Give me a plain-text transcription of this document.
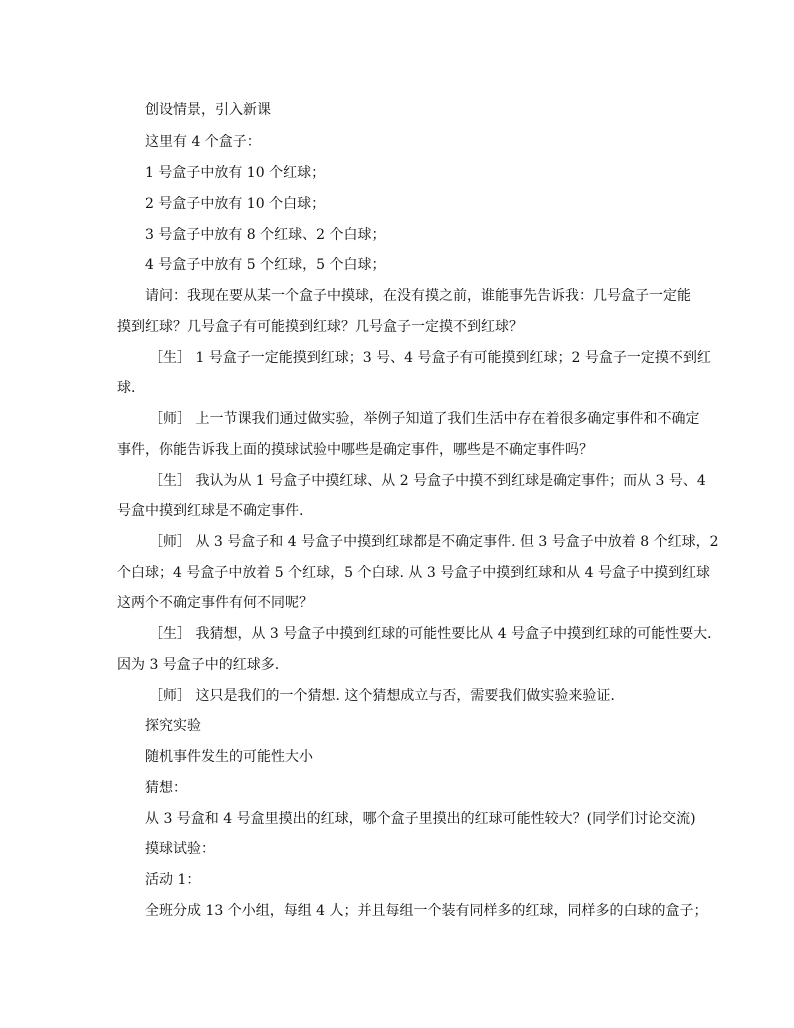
创设情景，引入新课
这里有 4 个盒子：
1 号盒子中放有 10 个红球；
2 号盒子中放有 10 个白球；
3 号盒子中放有 8 个红球、2 个白球；
4 号盒子中放有 5 个红球，5 个白球；
请问：我现在要从某一个盒子中摸球，在没有摸之前，谁能事先告诉我：几号盒子一定能
摸到红球？几号盒子有可能摸到红球？几号盒子一定摸不到红球？
［生］ 1 号盒子一定能摸到红球；3 号、4 号盒子有可能摸到红球；2 号盒子一定摸不到红
球.
［师］ 上一节课我们通过做实验，举例子知道了我们生活中存在着很多确定事件和不确定
事件，你能告诉我上面的摸球试验中哪些是确定事件，哪些是不确定事件吗？
［生］ 我认为从 1 号盒子中摸红球、从 2 号盒子中摸不到红球是确定事件；而从 3 号、4
号盒中摸到红球是不确定事件.
［师］ 从 3 号盒子和 4 号盒子中摸到红球都是不确定事件. 但 3 号盒子中放着 8 个红球，2
个白球；4 号盒子中放着 5 个红球，5 个白球. 从 3 号盒子中摸到红球和从 4 号盒子中摸到红球
这两个不确定事件有何不同呢？
［生］ 我猜想，从 3 号盒子中摸到红球的可能性要比从 4 号盒子中摸到红球的可能性要大.
因为 3 号盒子中的红球多.
［师］ 这只是我们的一个猜想. 这个猜想成立与否，需要我们做实验来验证.
探究实验
随机事件发生的可能性大小
猜想：
从 3 号盒和 4 号盒里摸出的红球，哪个盒子里摸出的红球可能性较大？(同学们讨论交流)
摸球试验：
活动 1：
全班分成 13 个小组，每组 4 人；并且每组一个装有同样多的红球，同样多的白球的盒子；
